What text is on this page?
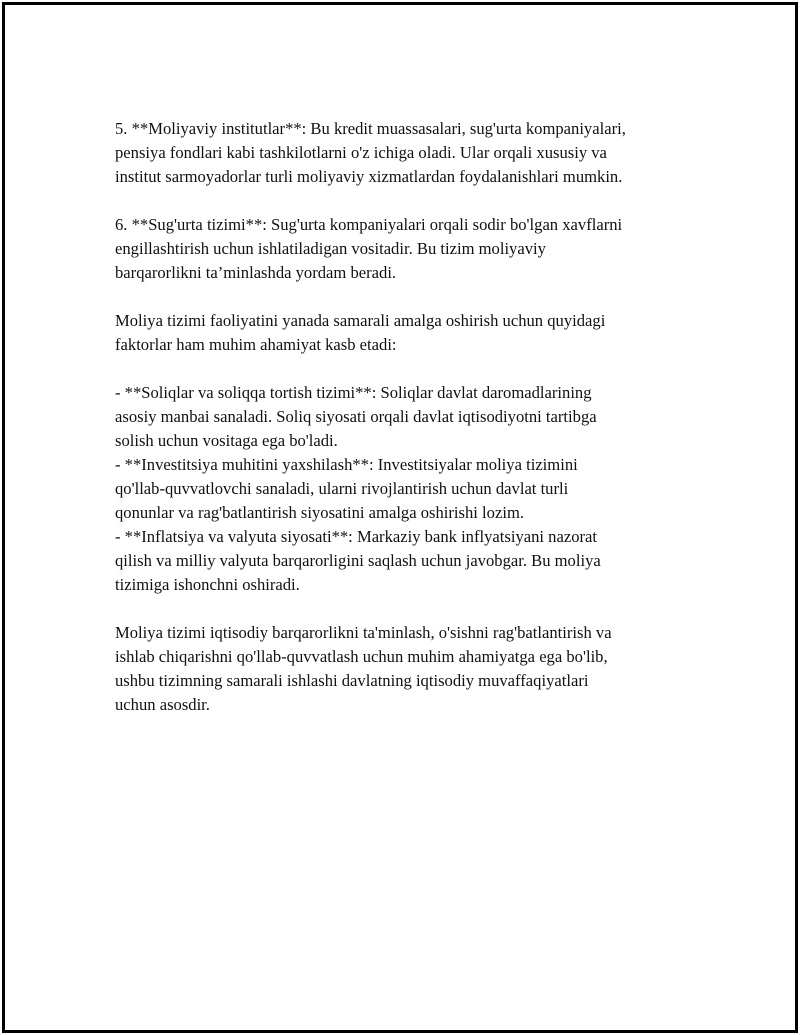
5. **Moliyaviy institutlar**: Bu kredit muassasalari, sug'urta kompaniyalari,
pensiya fondlari kabi tashkilotlarni o'z ichiga oladi. Ular orqali xususiy va
institut sarmoyadorlar turli moliyaviy xizmatlardan foydalanishlari mumkin.
6. **Sug'urta tizimi**: Sug'urta kompaniyalari orqali sodir bo'lgan xavflarni
engillashtirish uchun ishlatiladigan vositadir. Bu tizim moliyaviy
barqarorlikni ta’minlashda yordam beradi.
Moliya tizimi faoliyatini yanada samarali amalga oshirish uchun quyidagi
faktorlar ham muhim ahamiyat kasb etadi:
- **Soliqlar va soliqqa tortish tizimi**: Soliqlar davlat daromadlarining
asosiy manbai sanaladi. Soliq siyosati orqali davlat iqtisodiyotni tartibga
solish uchun vositaga ega bo'ladi.
- **Investitsiya muhitini yaxshilash**: Investitsiyalar moliya tizimini
qo'llab-quvvatlovchi sanaladi, ularni rivojlantirish uchun davlat turli
qonunlar va rag'batlantirish siyosatini amalga oshirishi lozim.
- **Inflatsiya va valyuta siyosati**: Markaziy bank inflyatsiyani nazorat
qilish va milliy valyuta barqarorligini saqlash uchun javobgar. Bu moliya
tizimiga ishonchni oshiradi.
Moliya tizimi iqtisodiy barqarorlikni ta'minlash, o'sishni rag'batlantirish va
ishlab chiqarishni qo'llab-quvvatlash uchun muhim ahamiyatga ega bo'lib,
ushbu tizimning samarali ishlashi davlatning iqtisodiy muvaffaqiyatlari
uchun asosdir.
